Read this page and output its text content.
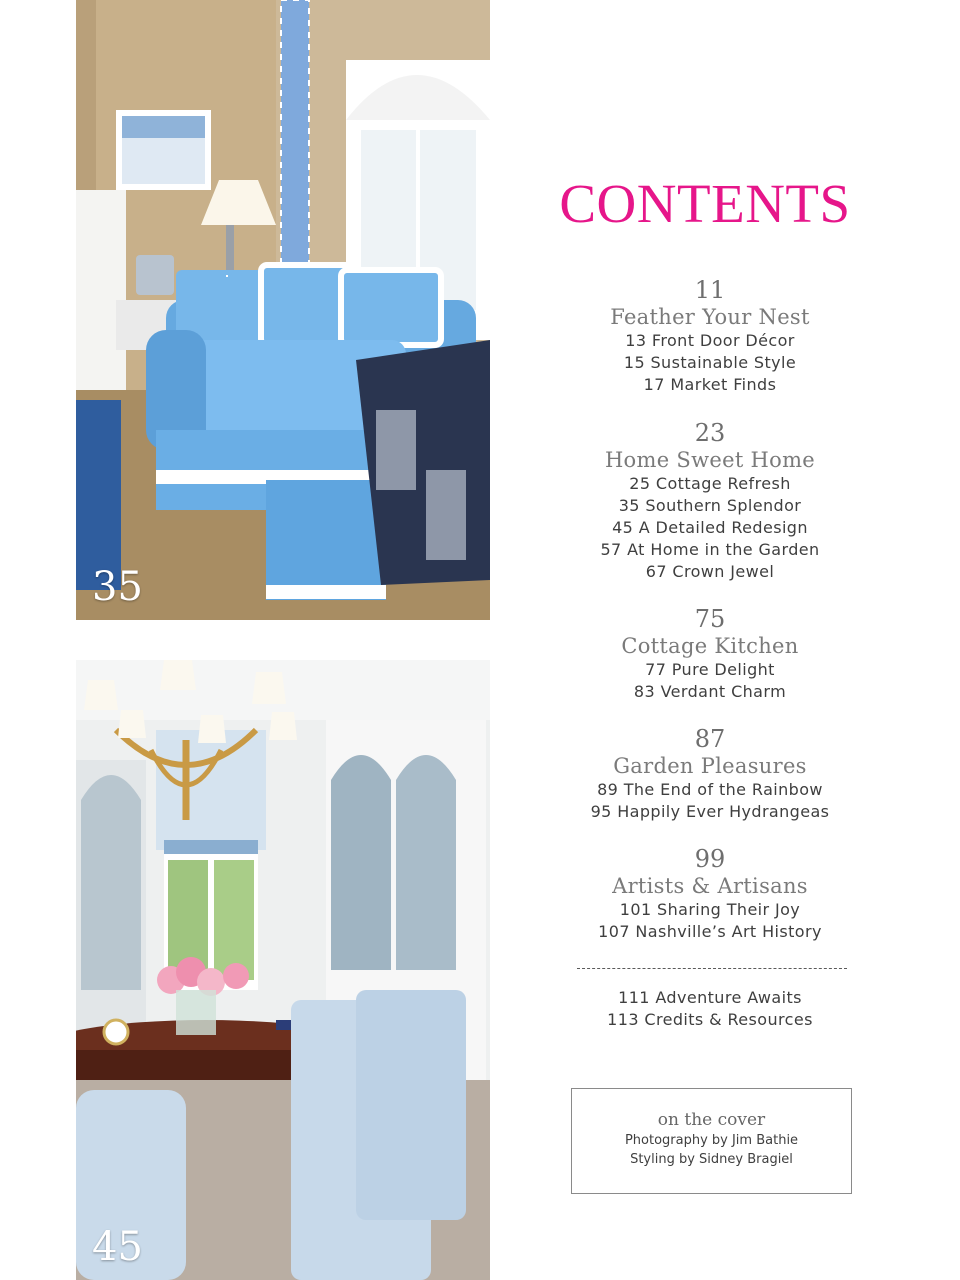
35
45
CONTENTS
11
Feather Your Nest
13 Front Door Décor
15 Sustainable Style
17 Market Finds
23
Home Sweet Home
25 Cottage Refresh
35 Southern Splendor
45 A Detailed Redesign
57 At Home in the Garden
67 Crown Jewel
75
Cottage Kitchen
77 Pure Delight
83 Verdant Charm
87
Garden Pleasures
89 The End of the Rainbow
95 Happily Ever Hydrangeas
99
Artists & Artisans
101 Sharing Their Joy
107 Nashville’s Art History
111 Adventure Awaits
113 Credits & Resources
on the cover
Photography by Jim Bathie
Styling by Sidney Bragiel
